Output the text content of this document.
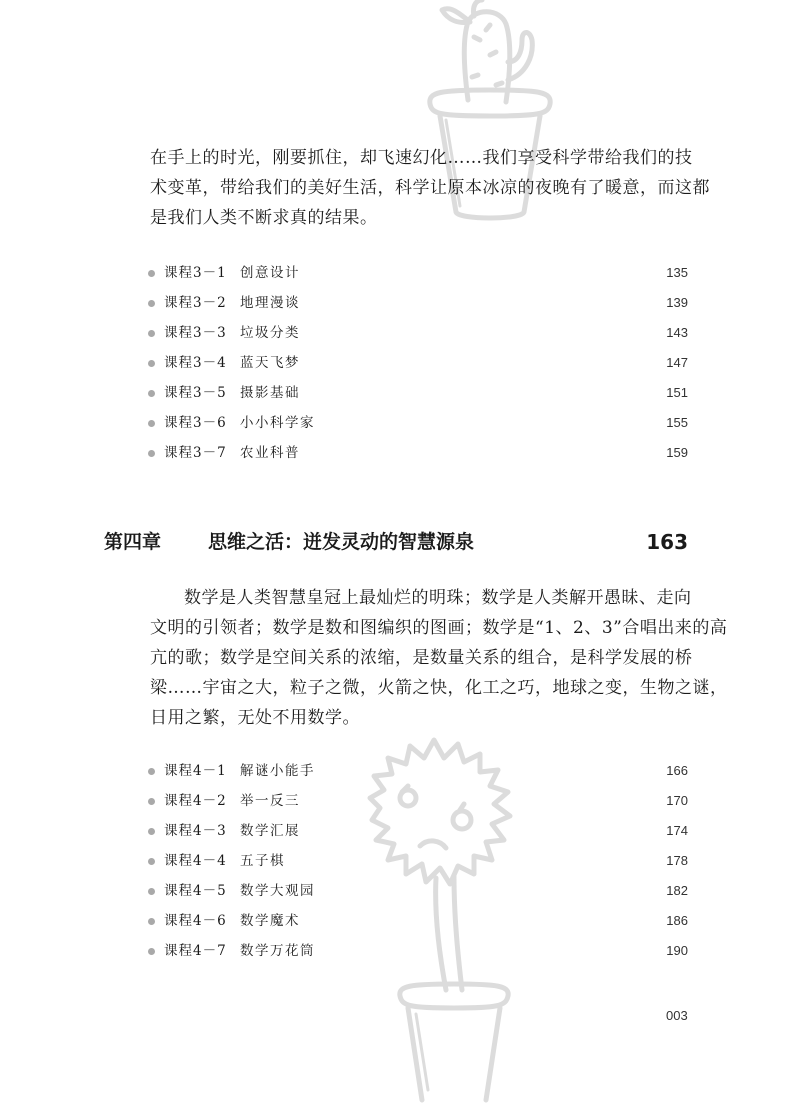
在手上的时光，刚要抓住，却飞速幻化……我们享受科学带给我们的技
术变革，带给我们的美好生活，科学让原本冰凉的夜晚有了暖意，而这都
是我们人类不断求真的结果。

课程3－1 创意设计	135
课程3－2 地理漫谈	139
课程3－3 垃圾分类	143
课程3－4 蓝天飞梦	147
课程3－5 摄影基础	151
课程3－6 小小科学家	155
课程3－7 农业科普	159
第四章 思维之活：迸发灵动的智慧源泉	163

数学是人类智慧皇冠上最灿烂的明珠；数学是人类解开愚昧、走向
文明的引领者；数学是数和图编织的图画；数学是“1、2、3”合唱出来的高
亢的歌；数学是空间关系的浓缩，是数量关系的组合，是科学发展的桥
梁……宇宙之大，粒子之微，火箭之快，化工之巧，地球之变，生物之谜，
日用之繁，无处不用数学。

课程4－1 解谜小能手	166
课程4－2 举一反三	170
课程4－3 数学汇展	174
课程4－4 五子棋	178
课程4－5 数学大观园	182
课程4－6 数学魔术	186
课程4－7 数学万花筒	190
003
